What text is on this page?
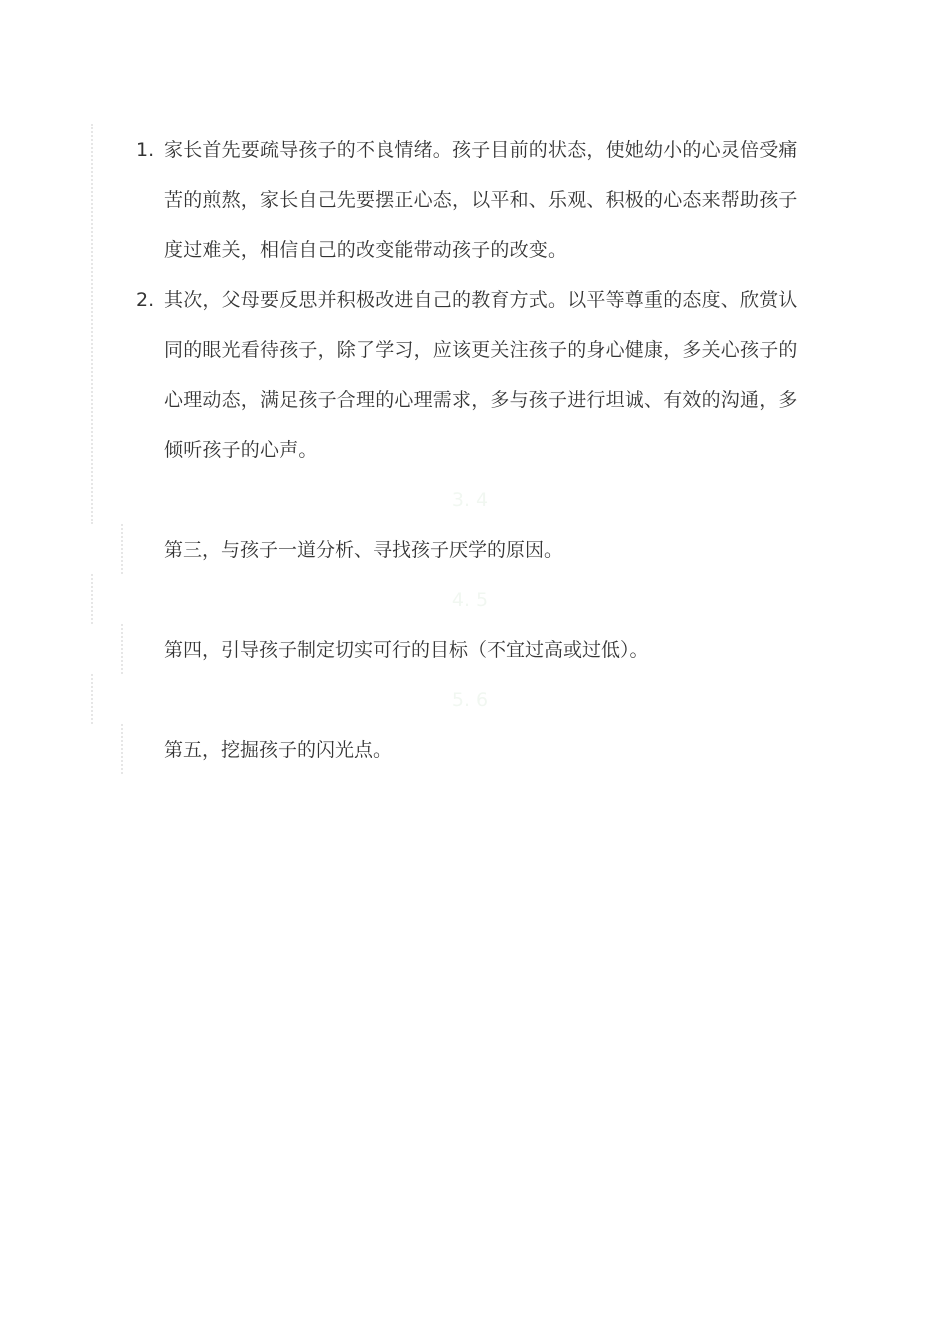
1. 家长首先要疏导孩子的不良情绪。孩子目前的状态，使她幼小的心灵倍受痛苦的煎熬，家长自己先要摆正心态，以平和、乐观、积极的心态来帮助孩子度过难关，相信自己的改变能带动孩子的改变。
2. 其次，父母要反思并积极改进自己的教育方式。以平等尊重的态度、欣赏认同的眼光看待孩子，除了学习，应该更关注孩子的身心健康，多关心孩子的心理动态，满足孩子合理的心理需求，多与孩子进行坦诚、有效的沟通，多倾听孩子的心声。
3. 4
第三，与孩子一道分析、寻找孩子厌学的原因。
4. 5
第四，引导孩子制定切实可行的目标（不宜过高或过低）。
5. 6
第五，挖掘孩子的闪光点。
